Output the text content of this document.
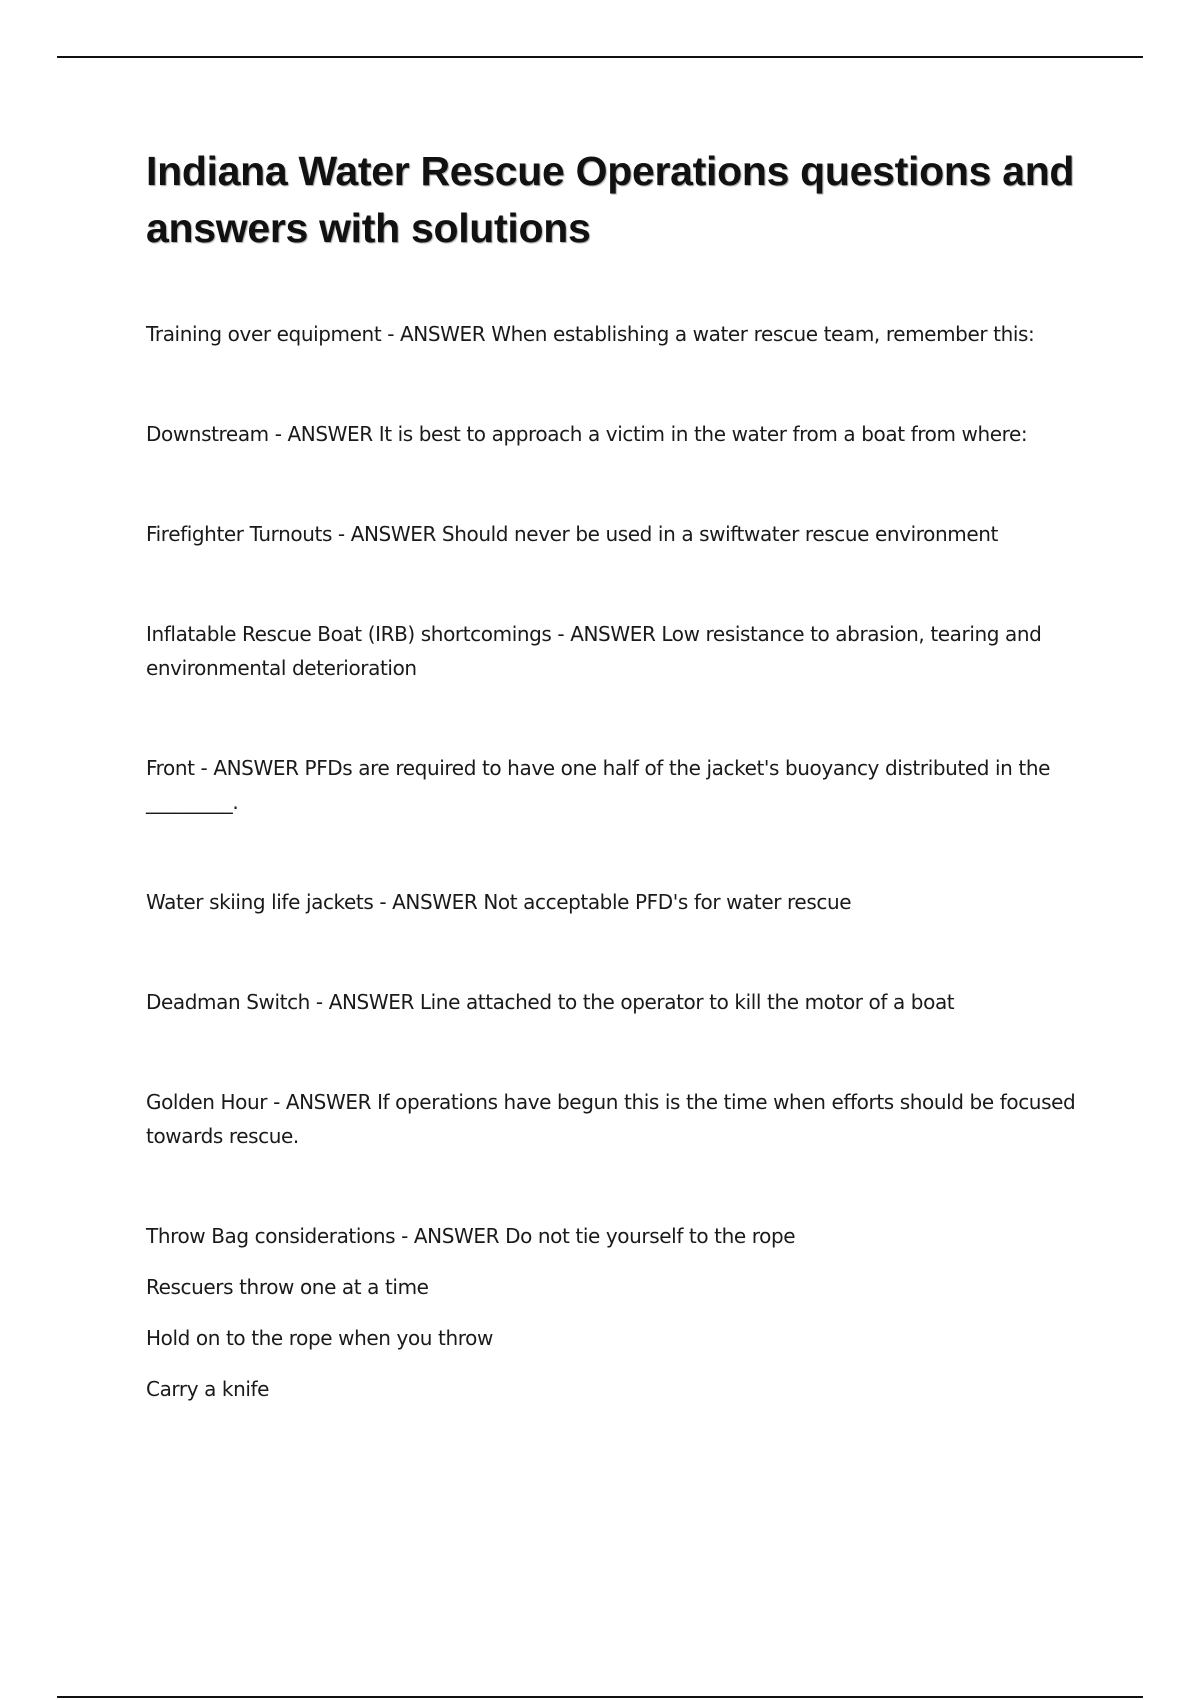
Indiana Water Rescue Operations questions and answers with solutions

Training over equipment - ANSWER When establishing a water rescue team, remember this:

Downstream - ANSWER It is best to approach a victim in the water from a boat from where:

Firefighter Turnouts - ANSWER Should never be used in a swiftwater rescue environment

Inflatable Rescue Boat (IRB) shortcomings - ANSWER Low resistance to abrasion, tearing and environmental deterioration

Front - ANSWER PFDs are required to have one half of the jacket's buoyancy distributed in the _________.

Water skiing life jackets - ANSWER Not acceptable PFD's for water rescue

Deadman Switch - ANSWER Line attached to the operator to kill the motor of a boat

Golden Hour - ANSWER If operations have begun this is the time when efforts should be focused towards rescue.

Throw Bag considerations - ANSWER Do not tie yourself to the rope
Rescuers throw one at a time
Hold on to the rope when you throw
Carry a knife
